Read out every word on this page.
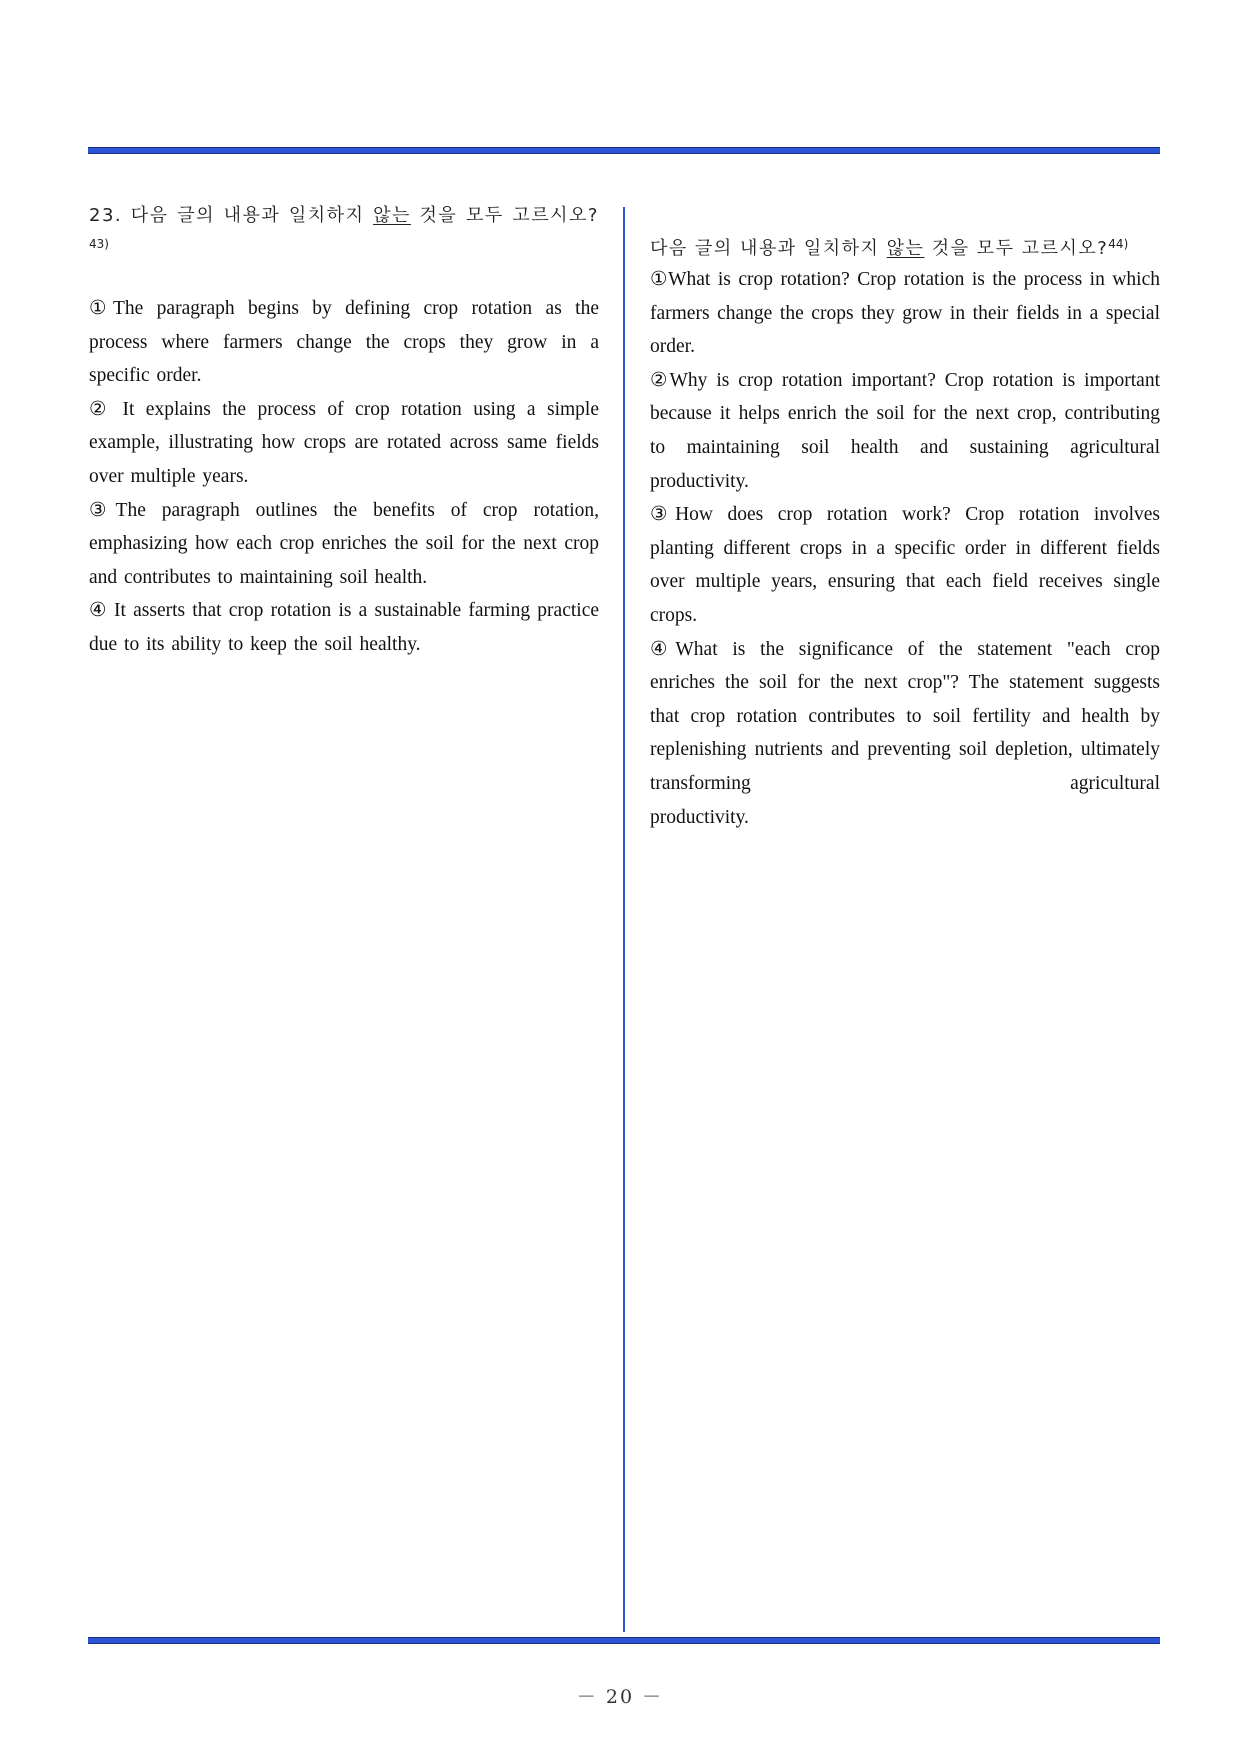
23. 다음 글의 내용과 일치하지 않는 것을 모두 고르시오?$^{43)}$
①The paragraph begins by defining crop rotation as the process where farmers change the crops they grow in a specific order.
② It explains the process of crop rotation using a simple example, illustrating how crops are rotated across same fields over multiple years.
③The paragraph outlines the benefits of crop rotation, emphasizing how each crop enriches the soil for the next crop and contributes to maintaining soil health.
④ It asserts that crop rotation is a sustainable farming practice due to its ability to keep the soil healthy.
다음 글의 내용과 일치하지 않는 것을 모두 고르시오?$^{44)}$
①What is crop rotation? Crop rotation is the process in which farmers change the crops they grow in their fields in a special order.
②Why is crop rotation important? Crop rotation is important because it helps enrich the soil for the next crop, contributing to maintaining soil health and sustaining agricultural productivity.
③How does crop rotation work? Crop rotation involves planting different crops in a specific order in different fields over multiple years, ensuring that each field receives single crops.
④What is the significance of the statement "each crop enriches the soil for the next crop"? The statement suggests that crop rotation contributes to soil fertility and health by replenishing nutrients and preventing soil depletion, ultimately transforming agricultural
productivity.
－ 20 －
